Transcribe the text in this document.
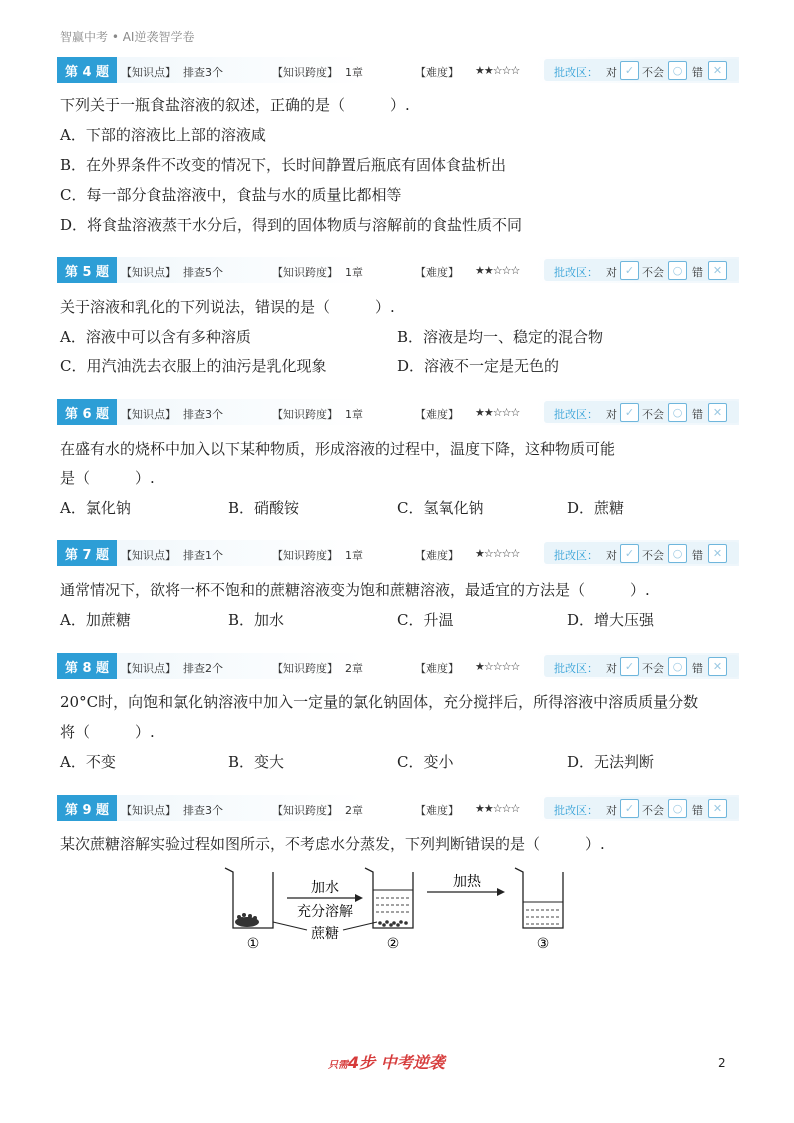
智赢中考 • AI逆袭智学卷
第 4 题	【知识点】 排查3个	【知识跨度】 1章	【难度】 ★★☆☆☆	批改区： 对 ✓ 不会 ○ 错 ✕
下列关于一瓶食盐溶液的叙述，正确的是（　　　）.
A．下部的溶液比上部的溶液咸
B．在外界条件不改变的情况下，长时间静置后瓶底有固体食盐析出
C．每一部分食盐溶液中，食盐与水的质量比都相等
D．将食盐溶液蒸干水分后，得到的固体物质与溶解前的食盐性质不同
第 5 题	【知识点】 排查5个	【知识跨度】 1章	【难度】 ★★☆☆☆	批改区： 对 ✓ 不会 ○ 错 ✕
关于溶液和乳化的下列说法，错误的是（　　　）.
A．溶液中可以含有多种溶质	B．溶液是均一、稳定的混合物
C．用汽油洗去衣服上的油污是乳化现象	D．溶液不一定是无色的
第 6 题	【知识点】 排查3个	【知识跨度】 1章	【难度】 ★★☆☆☆	批改区： 对 ✓ 不会 ○ 错 ✕
在盛有水的烧杯中加入以下某种物质，形成溶液的过程中，温度下降，这种物质可能
是（　　　）.
A．氯化钠	B．硝酸铵	C．氢氧化钠	D．蔗糖
第 7 题	【知识点】 排查1个	【知识跨度】 1章	【难度】 ★☆☆☆☆	批改区： 对 ✓ 不会 ○ 错 ✕
通常情况下，欲将一杯不饱和的蔗糖溶液变为饱和蔗糖溶液，最适宜的方法是（　　　）.
A．加蔗糖	B．加水	C．升温	D．增大压强
第 8 题	【知识点】 排查2个	【知识跨度】 2章	【难度】 ★☆☆☆☆	批改区： 对 ✓ 不会 ○ 错 ✕
20°C时，向饱和氯化钠溶液中加入一定量的氯化钠固体，充分搅拌后，所得溶液中溶质质量分数
将（　　　）.
A．不变	B．变大	C．变小	D．无法判断
第 9 题	【知识点】 排查3个	【知识跨度】 2章	【难度】 ★★☆☆☆	批改区： 对 ✓ 不会 ○ 错 ✕
某次蔗糖溶解实验过程如图所示，不考虑水分蒸发，下列判断错误的是（　　　）.
加水
充分溶解
蔗糖
加热
①	②	③
只需4步 中考逆袭	2
